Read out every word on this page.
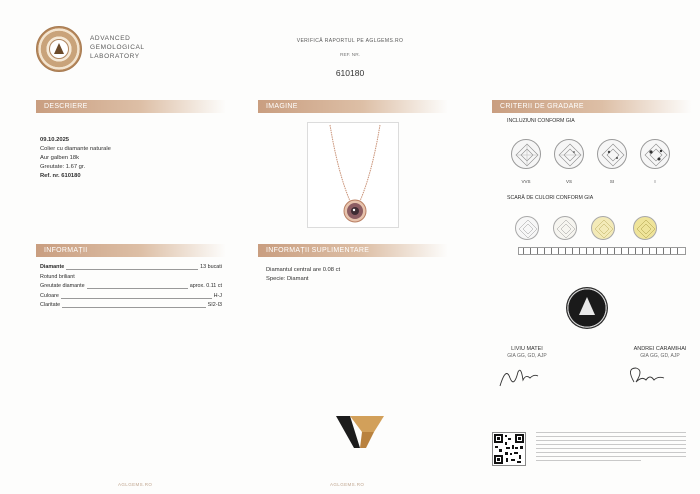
ADVANCED
GEMOLOGICAL
LABORATORY
VERIFICĂ RAPORTUL PE AGLGEMS.RO
REF. NR.
610180
DESCRIERE
09.10.2025
Colier cu diamante naturale
Aur galben 18k
Greutate: 1.67 gr.
Ref. nr. 610180
IMAGINE	CRITERII DE GRADARE
INCLUZIUNI CONFORM GIA
VVS	VS	SI	I
SCARĂ DE CULORI CONFORM GIA
INFORMAȚII
Diamante	13 bucati
Rotund briliant
Greutate diamante	aprox. 0.11 ct
Culoare	H-J
Claritate	SI2-I3
INFORMAȚII SUPLIMENTARE
Diamantul central are 0.08 ct
Specie: Diamant
LIVIU MATEI
GIA GG, GD, AJP
ANDREI CARAMIHAI
GIA GG, GD, AJP
AGLGEMS.RO	AGLGEMS.RO
